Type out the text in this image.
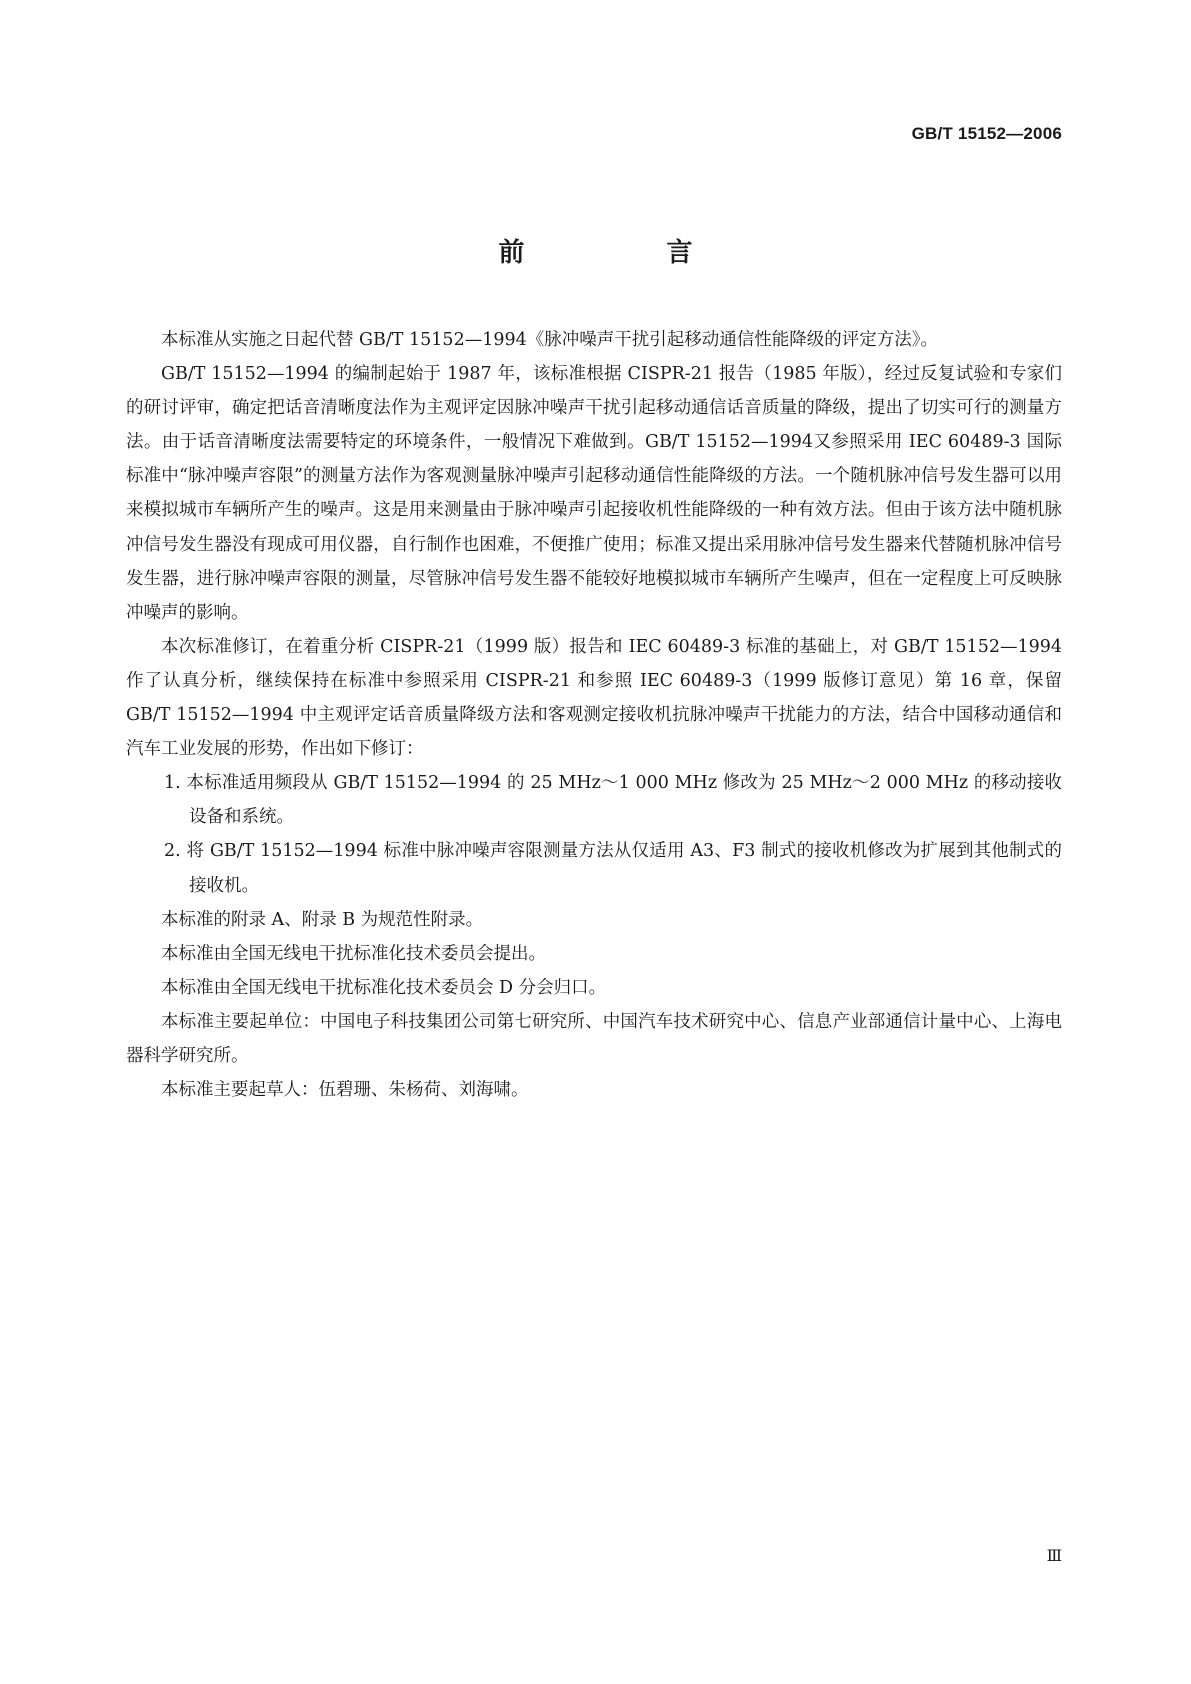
GB/T 15152—2006
前　言

本标准从实施之日起代替 GB/T 15152—1994《脉冲噪声干扰引起移动通信性能降级的评定方法》。

GB/T 15152—1994 的编制起始于 1987 年，该标准根据 CISPR-21 报告（1985 年版），经过反复试验和专家们的研讨评审，确定把话音清晰度法作为主观评定因脉冲噪声干扰引起移动通信话音质量的降级，提出了切实可行的测量方法。由于话音清晰度法需要特定的环境条件，一般情况下难做到。GB/T 15152—1994又参照采用 IEC 60489-3 国际标准中“脉冲噪声容限”的测量方法作为客观测量脉冲噪声引起移动通信性能降级的方法。一个随机脉冲信号发生器可以用来模拟城市车辆所产生的噪声。这是用来测量由于脉冲噪声引起接收机性能降级的一种有效方法。但由于该方法中随机脉冲信号发生器没有现成可用仪器，自行制作也困难，不便推广使用；标准又提出采用脉冲信号发生器来代替随机脉冲信号发生器，进行脉冲噪声容限的测量，尽管脉冲信号发生器不能较好地模拟城市车辆所产生噪声，但在一定程度上可反映脉冲噪声的影响。

本次标准修订，在着重分析 CISPR-21（1999 版）报告和 IEC 60489-3 标准的基础上，对 GB/T 15152—1994 作了认真分析，继续保持在标准中参照采用 CISPR-21 和参照 IEC 60489-3（1999 版修订意见）第 16 章，保留 GB/T 15152—1994 中主观评定话音质量降级方法和客观测定接收机抗脉冲噪声干扰能力的方法，结合中国移动通信和汽车工业发展的形势，作出如下修订：

1. 本标准适用频段从 GB/T 15152—1994 的 25 MHz～1 000 MHz 修改为 25 MHz～2 000 MHz 的移动接收设备和系统。

2. 将 GB/T 15152—1994 标准中脉冲噪声容限测量方法从仅适用 A3、F3 制式的接收机修改为扩展到其他制式的接收机。

本标准的附录 A、附录 B 为规范性附录。

本标准由全国无线电干扰标准化技术委员会提出。

本标准由全国无线电干扰标准化技术委员会 D 分会归口。

本标准主要起单位：中国电子科技集团公司第七研究所、中国汽车技术研究中心、信息产业部通信计量中心、上海电器科学研究所。

本标准主要起草人：伍碧珊、朱杨荷、刘海啸。

Ⅲ
